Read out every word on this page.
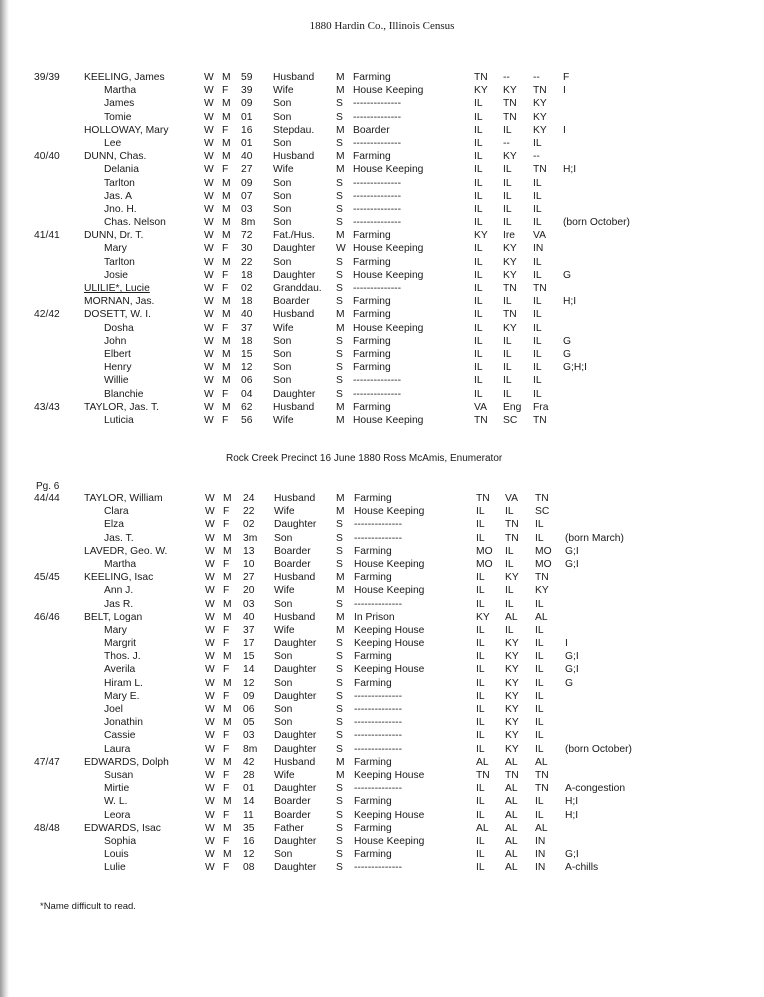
1880 Hardin Co., Illinois Census
39/39 KEELING, James	W M 59 Husband M Farming	TN -- -- F
Martha	W F 39 Wife	M House Keeping	KY KY TN I
James	W M 09 Son	S --------------	IL TN KY
Tomie	W M 01 Son	S --------------	IL TN KY
HOLLOWAY, Mary	W F 16 Stepdau. M Boarder	IL IL KY I
Lee	W M 01 Son	S --------------	IL -- IL
40/40 DUNN, Chas.	W M 40 Husband M Farming	IL KY --
Delania	W F 27 Wife	M House Keeping	IL IL TN H;I
Tarlton	W M 09 Son	S --------------	IL IL IL
Jas. A	W M 07 Son	S --------------	IL IL IL
Jno. H.	W M 03 Son	S --------------	IL IL IL
Chas. Nelson	W M 8m Son	S --------------	IL IL IL (born October)
41/41 DUNN, Dr. T.	W M 72 Fat./Hus. M Farming	KY Ire VA
Mary	W F 30 Daughter W House Keeping	IL KY IN
Tarlton	W M 22 Son	S Farming	IL KY IL
Josie	W F 18 Daughter S House Keeping	IL KY IL G
ULILIE*, Lucie	W F 02 Granddau. S --------------	IL TN TN
MORNAN, Jas.	W M 18 Boarder	S Farming	IL IL IL H;I
42/42 DOSETT, W. I.	W M 40 Husband M Farming	IL TN IL
Dosha	W F 37 Wife	M House Keeping	IL KY IL
John	W M 18 Son	S Farming	IL IL IL G
Elbert	W M 15 Son	S Farming	IL IL IL G
Henry	W M 12 Son	S Farming	IL IL IL G;H;I
Willie	W M 06 Son	S --------------	IL IL IL
Blanchie	W F 04 Daughter S --------------	IL IL IL
43/43 TAYLOR, Jas. T.	W M 62 Husband M Farming	VA Eng Fra
Luticia	W F 56 Wife	M House Keeping	TN SC TN
Rock Creek Precinct 16 June 1880 Ross McAmis, Enumerator
Pg. 6
44/44 TAYLOR, William	W M 24 Husband M Farming	TN VA TN
Clara	W F 22 Wife	M House Keeping	IL IL SC
Elza	W F 02 Daughter S --------------	IL TN IL
Jas. T.	W M 3m Son	S --------------	IL TN IL (born March)
LAVEDR, Geo. W.	W M 13 Boarder S Farming	MO IL MO G;I
Martha	W F 10 Boarder S House Keeping	MO IL MO G;I
45/45 KEELING, Isac	W M 27 Husband M Farming	IL KY TN
Ann J.	W F 20 Wife	M House Keeping	IL IL KY
Jas R.	W M 03 Son	S --------------	IL IL IL
46/46 BELT, Logan	W M 40 Husband M In Prison	KY AL AL
Mary	W F 37 Wife	M Keeping House	IL IL IL
Margrit	W F 17 Daughter S Keeping House	IL KY IL I
Thos. J.	W M 15 Son	S Farming	IL KY IL G;I
Averila	W F 14 Daughter S Keeping House	IL KY IL G;I
Hiram L.	W M 12 Son	S Farming	IL KY IL G
Mary E.	W F 09 Daughter S --------------	IL KY IL
Joel	W M 06 Son	S --------------	IL KY IL
Jonathin	W M 05 Son	S --------------	IL KY IL
Cassie	W F 03 Daughter S --------------	IL KY IL
Laura	W F 8m Daughter S --------------	IL KY IL (born October)
47/47 EDWARDS, Dolph	W M 42 Husband M Farming	AL AL AL
Susan	W F 28 Wife	M Keeping House	TN TN TN
Mirtie	W F 01 Daughter S --------------	IL AL TN A-congestion
W. L.	W M 14 Boarder S Farming	IL AL IL H;I
Leora	W F 11 Boarder S Keeping House	IL AL IL H;I
48/48 EDWARDS, Isac	W M 35 Father	S Farming	AL AL AL
Sophia	W F 16 Daughter S House Keeping	IL AL IN
Louis	W M 12 Son	S Farming	IL AL IN G;I
Lulie	W F 08 Daughter S --------------	IL AL IN A-chills
*Name difficult to read.
